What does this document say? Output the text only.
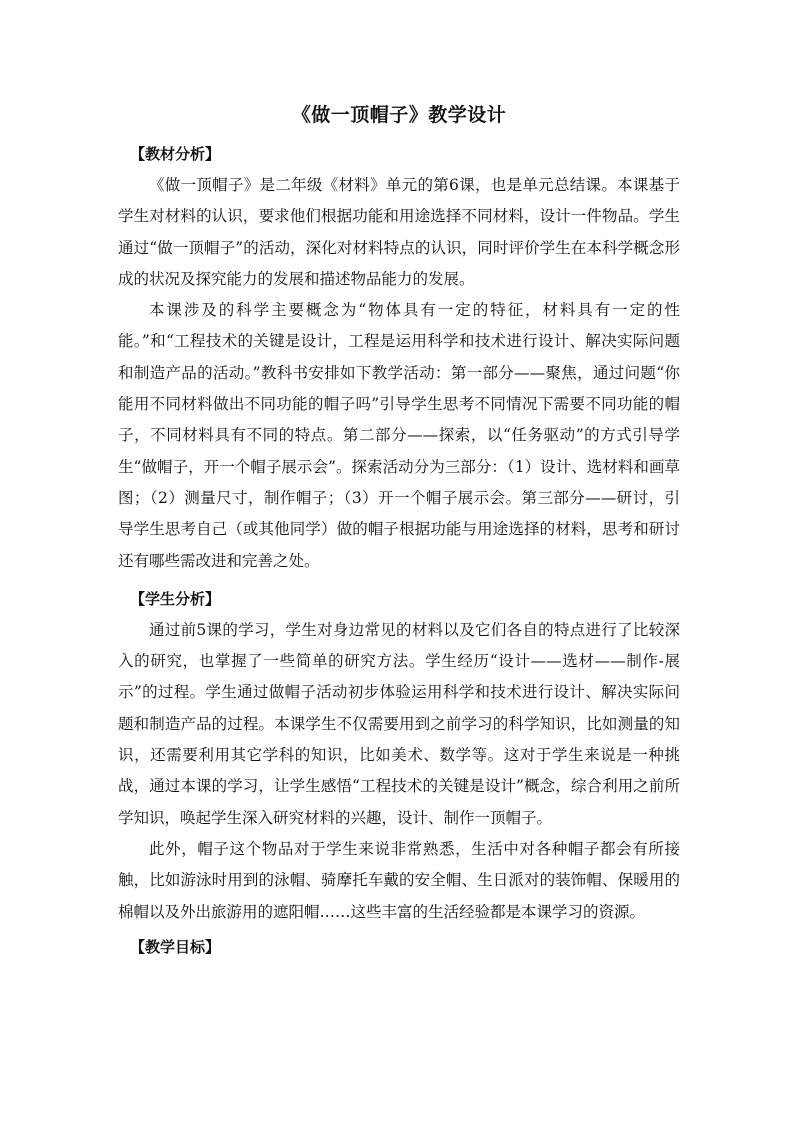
《做一顶帽子》教学设计
【教材分析】

《做一顶帽子》是二年级《材料》单元的第6课，也是单元总结课。本课基于学生对材料的认识，要求他们根据功能和用途选择不同材料，设计一件物品。学生通过“做一顶帽子”的活动，深化对材料特点的认识，同时评价学生在本科学概念形成的状况及探究能力的发展和描述物品能力的发展。

本课涉及的科学主要概念为“物体具有一定的特征，材料具有一定的性能。”和“工程技术的关键是设计，工程是运用科学和技术进行设计、解决实际问题和制造产品的活动。”教科书安排如下教学活动：第一部分——聚焦，通过问题“你能用不同材料做出不同功能的帽子吗”引导学生思考不同情况下需要不同功能的帽子，不同材料具有不同的特点。第二部分——探索，以“任务驱动”的方式引导学生“做帽子，开一个帽子展示会”。探索活动分为三部分：（1）设计、选材料和画草图；（2）测量尺寸，制作帽子；（3）开一个帽子展示会。第三部分——研讨，引导学生思考自己（或其他同学）做的帽子根据功能与用途选择的材料，思考和研讨还有哪些需改进和完善之处。

【学生分析】

通过前5课的学习，学生对身边常见的材料以及它们各自的特点进行了比较深入的研究，也掌握了一些简单的研究方法。学生经历“设计——选材——制作-展示”的过程。学生通过做帽子活动初步体验运用科学和技术进行设计、解决实际问题和制造产品的过程。本课学生不仅需要用到之前学习的科学知识，比如测量的知识，还需要利用其它学科的知识，比如美术、数学等。这对于学生来说是一种挑战，通过本课的学习，让学生感悟“工程技术的关键是设计”概念，综合利用之前所学知识，唤起学生深入研究材料的兴趣，设计、制作一顶帽子。

此外，帽子这个物品对于学生来说非常熟悉，生活中对各种帽子都会有所接触，比如游泳时用到的泳帽、骑摩托车戴的安全帽、生日派对的装饰帽、保暖用的棉帽以及外出旅游用的遮阳帽……这些丰富的生活经验都是本课学习的资源。

【教学目标】
